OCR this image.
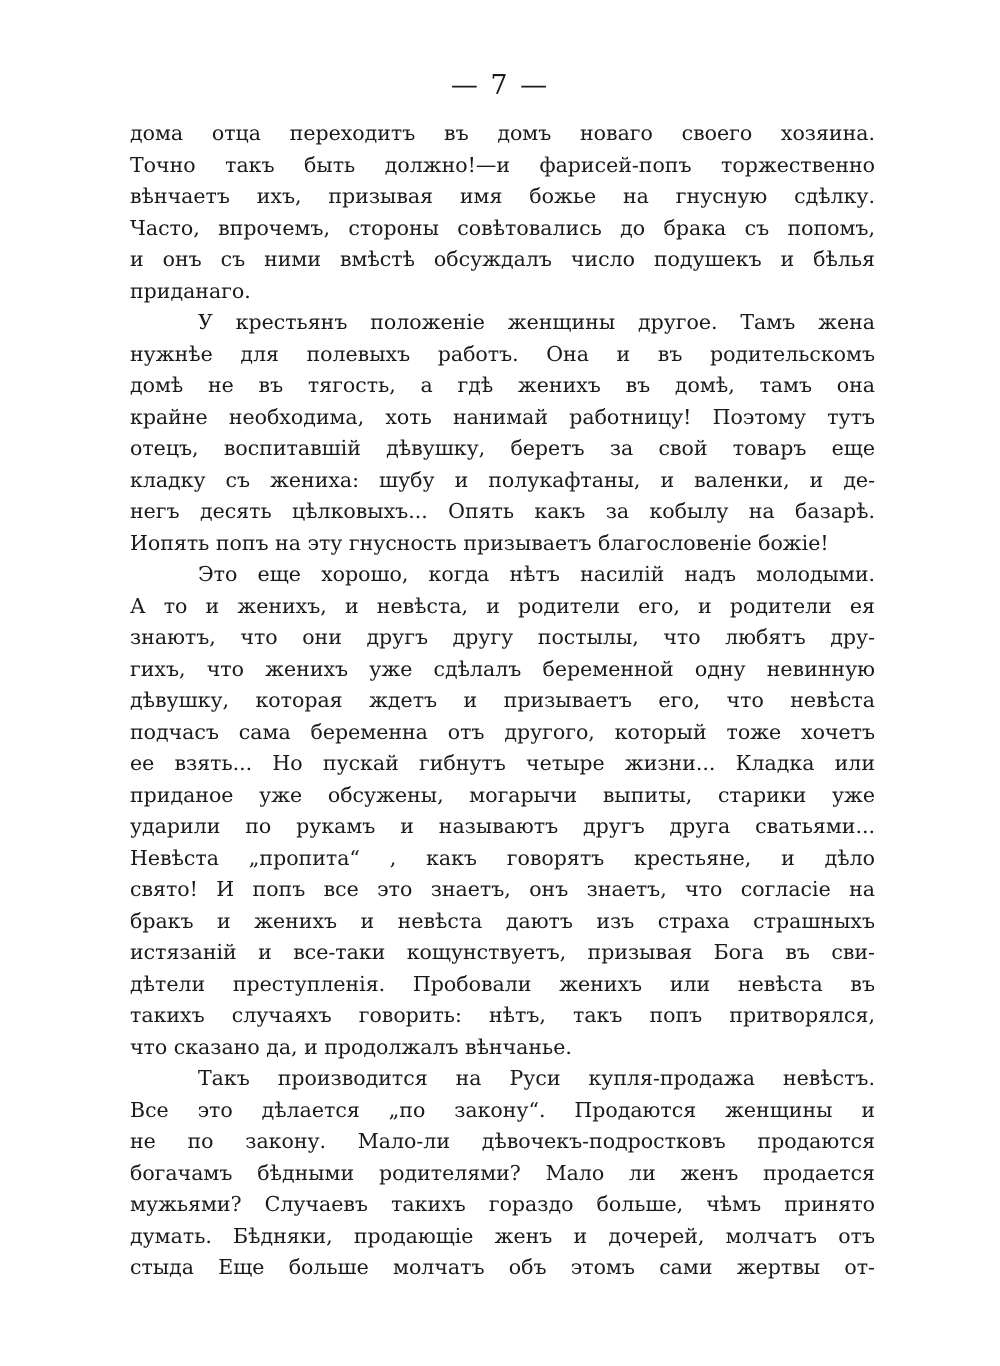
— 7 —
дома отца переходитъ въ домъ новаго своего хозяина.
Точно такъ быть должно!—и фарисей-попъ торжественно
вѣнчаетъ ихъ, призывая имя божье на гнусную сдѣлку.
Часто, впрочемъ, стороны совѣтовались до брака съ попомъ,
и онъ съ ними вмѣстѣ обсуждалъ число подушекъ и бѣлья
приданаго.
У крестьянъ положеніе женщины другое. Тамъ жена
нужнѣе для полевыхъ работъ. Она и въ родительскомъ
домѣ не въ тягость, а гдѣ женихъ въ домѣ, тамъ она
крайне необходима, хоть нанимай работницу! Поэтому тутъ
отецъ, воспитавшій дѣвушку, беретъ за свой товаръ еще
кладку съ жениха: шубу и полукафтаны, и валенки, и де-
негъ десять цѣлковыхъ... Опять какъ за кобылу на базарѣ.
Иопять попъ на эту гнусность призываетъ благословеніе божіе!
Это еще хорошо, когда нѣтъ насилій надъ молодыми.
А то и женихъ, и невѣста, и родители его, и родители ея
знаютъ, что они другъ другу постылы, что любятъ дру-
гихъ, что женихъ уже сдѣлалъ беременной одну невинную
дѣвушку, которая ждетъ и призываетъ его, что невѣста
подчасъ сама беременна отъ другого, который тоже хочетъ
ее взять... Но пускай гибнутъ четыре жизни... Кладка или
приданое уже обсужены, могарычи выпиты, старики уже
ударили по рукамъ и называютъ другъ друга сватьями...
Невѣста „пропита“ , какъ говорятъ крестьяне, и дѣло
свято! И попъ все это знаетъ, онъ знаетъ, что согласіе на
бракъ и женихъ и невѣста даютъ изъ страха страшныхъ
истязаній и все-таки кощунствуетъ, призывая Бога въ сви-
дѣтели преступленія. Пробовали женихъ или невѣста въ
такихъ случаяхъ говорить: нѣтъ, такъ попъ притворялся,
что сказано да, и продолжалъ вѣнчанье.
Такъ производится на Руси купля-продажа невѣстъ.
Все это дѣлается „по закону“. Продаются женщины и
не по закону. Мало-ли дѣвочекъ-подростковъ продаются
богачамъ бѣдными родителями? Мало ли женъ продается
мужьями? Случаевъ такихъ гораздо больше, чѣмъ принято
думать. Бѣдняки, продающіе женъ и дочерей, молчатъ отъ
стыда Еще больше молчатъ объ этомъ сами жертвы от-
